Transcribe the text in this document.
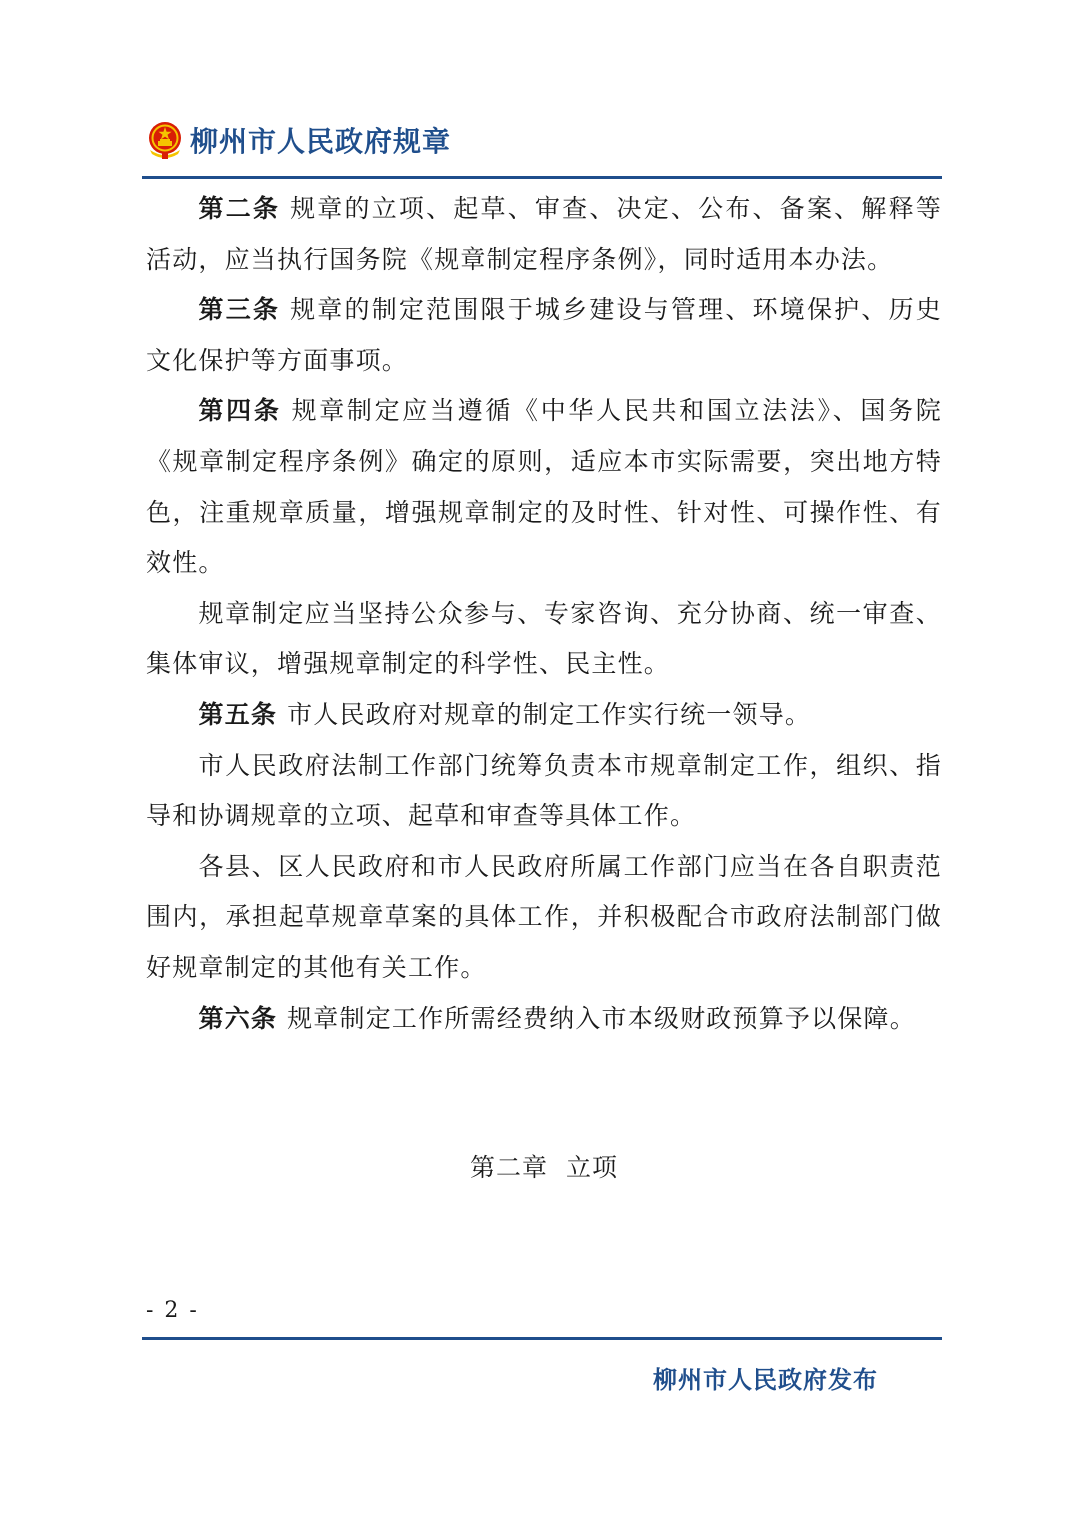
柳州市人民政府规章

第二条 规章的立项、起草、审查、决定、公布、备案、解释等活动，应当执行国务院《规章制定程序条例》，同时适用本办法。

第三条 规章的制定范围限于城乡建设与管理、环境保护、历史文化保护等方面事项。

第四条 规章制定应当遵循《中华人民共和国立法法》、国务院《规章制定程序条例》确定的原则，适应本市实际需要，突出地方特色，注重规章质量，增强规章制定的及时性、针对性、可操作性、有效性。

规章制定应当坚持公众参与、专家咨询、充分协商、统一审查、集体审议，增强规章制定的科学性、民主性。

第五条 市人民政府对规章的制定工作实行统一领导。

市人民政府法制工作部门统筹负责本市规章制定工作，组织、指导和协调规章的立项、起草和审查等具体工作。

各县、区人民政府和市人民政府所属工作部门应当在各自职责范围内，承担起草规章草案的具体工作，并积极配合市政府法制部门做好规章制定的其他有关工作。

第六条 规章制定工作所需经费纳入市本级财政预算予以保障。

第二章  立项
- 2 -
柳州市人民政府发布
